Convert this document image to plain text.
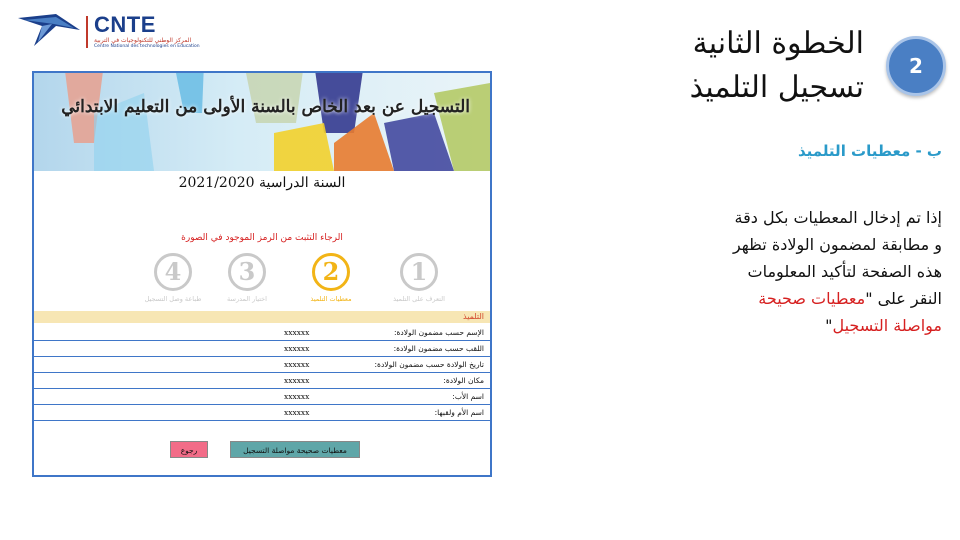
CNTE
المركز الوطني للتكنولوجيات في التربية
Centre National des technologies en Education
2
الخطوة الثانية
تسجيل التلميذ
ب - معطيات التلميذ
إذا تم إدخال المعطيات بكل دقة
و مطابقة لمضمون الولادة تظهر
هذه الصفحة لتأكيد المعلومات
النقر على "معطيات صحيحة
مواصلة التسجيل"
التسجيل عن بعد الخاص بالسنة الأولى من التعليم الابتدائي
السنة الدراسية 2021/2020
الرجاء التثبت من الرمز الموجود في الصورة
1
التعرف على التلميذ
2
معطيات التلميذ
3
اختيار المدرسة
4
طباعة وصل التسجيل
التلميذ
الإسم حسب مضمون الولادة:
xxxxxx
اللقب حسب مضمون الولادة:
xxxxxx
تاريخ الولادة حسب مضمون الولادة:
xxxxxx
مكان الولادة:
xxxxxx
اسم الأب:
xxxxxx
اسم الأم ولقبها:
xxxxxx
معطيات صحيحة مواصلة التسجيل
رجوع
